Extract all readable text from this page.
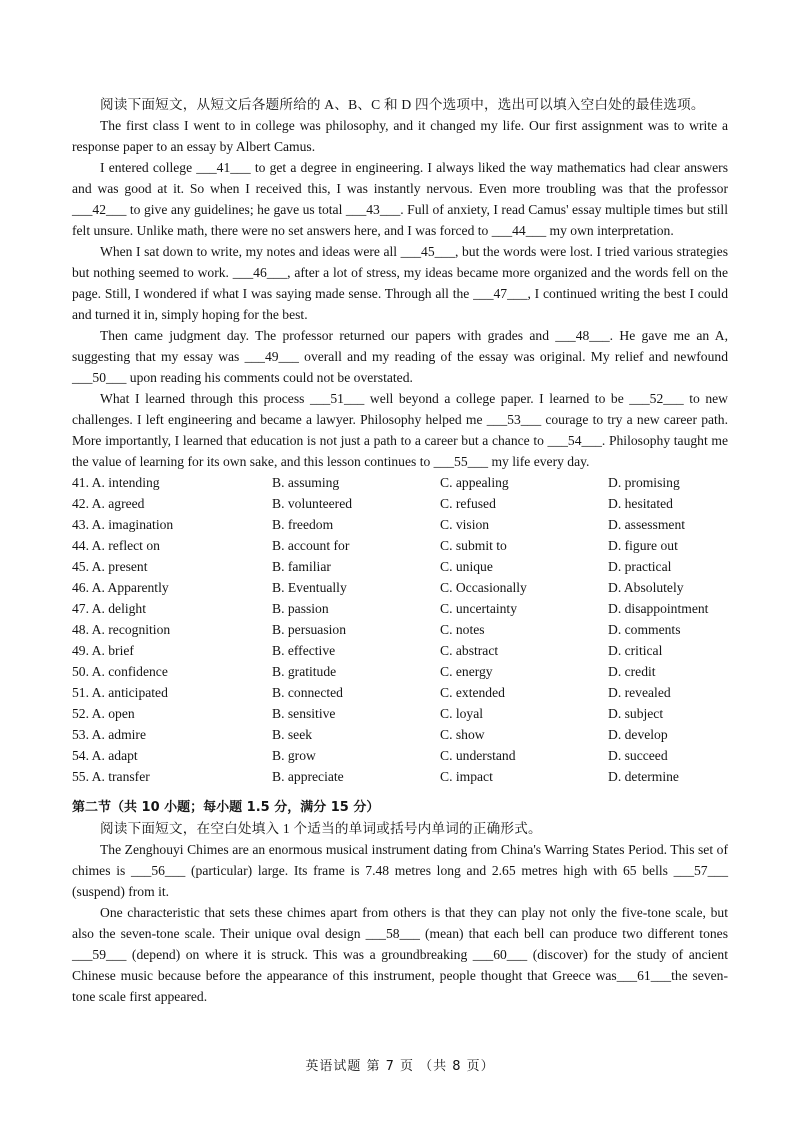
阅读下面短文，从短文后各题所给的 A、B、C 和 D 四个选项中，选出可以填入空白处的最佳选项。

The first class I went to in college was philosophy, and it changed my life. Our first assignment was to write a response paper to an essay by Albert Camus.

I entered college ___41___ to get a degree in engineering. I always liked the way mathematics had clear answers and was good at it. So when I received this, I was instantly nervous. Even more troubling was that the professor ___42___ to give any guidelines; he gave us total ___43___. Full of anxiety, I read Camus' essay multiple times but still felt unsure. Unlike math, there were no set answers here, and I was forced to ___44___ my own interpretation.

When I sat down to write, my notes and ideas were all ___45___, but the words were lost. I tried various strategies but nothing seemed to work. ___46___, after a lot of stress, my ideas became more organized and the words fell on the page. Still, I wondered if what I was saying made sense. Through all the ___47___, I continued writing the best I could and turned it in, simply hoping for the best.

Then came judgment day. The professor returned our papers with grades and ___48___. He gave me an A, suggesting that my essay was ___49___ overall and my reading of the essay was original. My relief and newfound ___50___ upon reading his comments could not be overstated.

What I learned through this process ___51___ well beyond a college paper. I learned to be ___52___ to new challenges. I left engineering and became a lawyer. Philosophy helped me ___53___ courage to try a new career path. More importantly, I learned that education is not just a path to a career but a chance to ___54___. Philosophy taught me the value of learning for its own sake, and this lesson continues to ___55___ my life every day.

41. A. intending	B. assuming	C. appealing	D. promising
42. A. agreed	B. volunteered	C. refused	D. hesitated
43. A. imagination	B. freedom	C. vision	D. assessment
44. A. reflect on	B. account for	C. submit to	D. figure out
45. A. present	B. familiar	C. unique	D. practical
46. A. Apparently	B. Eventually	C. Occasionally	D. Absolutely
47. A. delight	B. passion	C. uncertainty	D. disappointment
48. A. recognition	B. persuasion	C. notes	D. comments
49. A. brief	B. effective	C. abstract	D. critical
50. A. confidence	B. gratitude	C. energy	D. credit
51. A. anticipated	B. connected	C. extended	D. revealed
52. A. open	B. sensitive	C. loyal	D. subject
53. A. admire	B. seek	C. show	D. develop
54. A. adapt	B. grow	C. understand	D. succeed
55. A. transfer	B. appreciate	C. impact	D. determine

第二节（共 10 小题；每小题 1.5 分，满分 15 分）

阅读下面短文，在空白处填入 1 个适当的单词或括号内单词的正确形式。

The Zenghouyi Chimes are an enormous musical instrument dating from China's Warring States Period. This set of chimes is ___56___ (particular) large. Its frame is 7.48 metres long and 2.65 metres high with 65 bells ___57___ (suspend) from it.

One characteristic that sets these chimes apart from others is that they can play not only the five-tone scale, but also the seven-tone scale. Their unique oval design ___58___ (mean) that each bell can produce two different tones ___59___ (depend) on where it is struck. This was a groundbreaking ___60___ (discover) for the study of ancient Chinese music because before the appearance of this instrument, people thought that Greece was___61___the seven-tone scale first appeared.

英语试题 第 7 页 （共 8 页）
